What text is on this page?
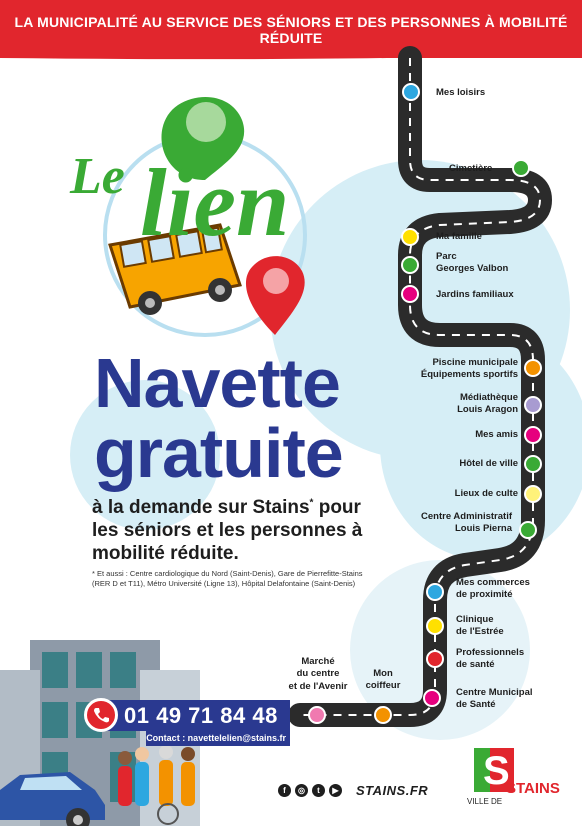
LA MUNICIPALITÉ AU SERVICE DES SÉNIORS ET DES PERSONNES À MOBILITÉ RÉDUITE
Le lien
Mes loisirs
Cimetière
Ma famille
Parc
Georges Valbon
Jardins familiaux
Piscine municipale
Équipements sportifs
Médiathèque
Louis Aragon
Mes amis
Hôtel de ville
Lieux de culte
Centre Administratif
Louis Pierna
Mes commerces
de proximité
Clinique
de l'Estrée
Professionnels
de santé
Centre Municipal
de Santé
Mon
coiffeur
Marché
du centre
et de l'Avenir
Navette
gratuite
à la demande sur Stains* pour les séniors et les personnes à mobilité réduite.
* Et aussi : Centre cardiologique du Nord (Saint-Denis), Gare de Pierrefitte-Stains (RER D et T11), Métro Université (Ligne 13), Hôpital Delafontaine (Saint-Denis)
01 49 71 84 48
Contact : navettelelien@stains.fr
f	◎	t	▶ STAINS.FR S
VILLE DE
STAINS
